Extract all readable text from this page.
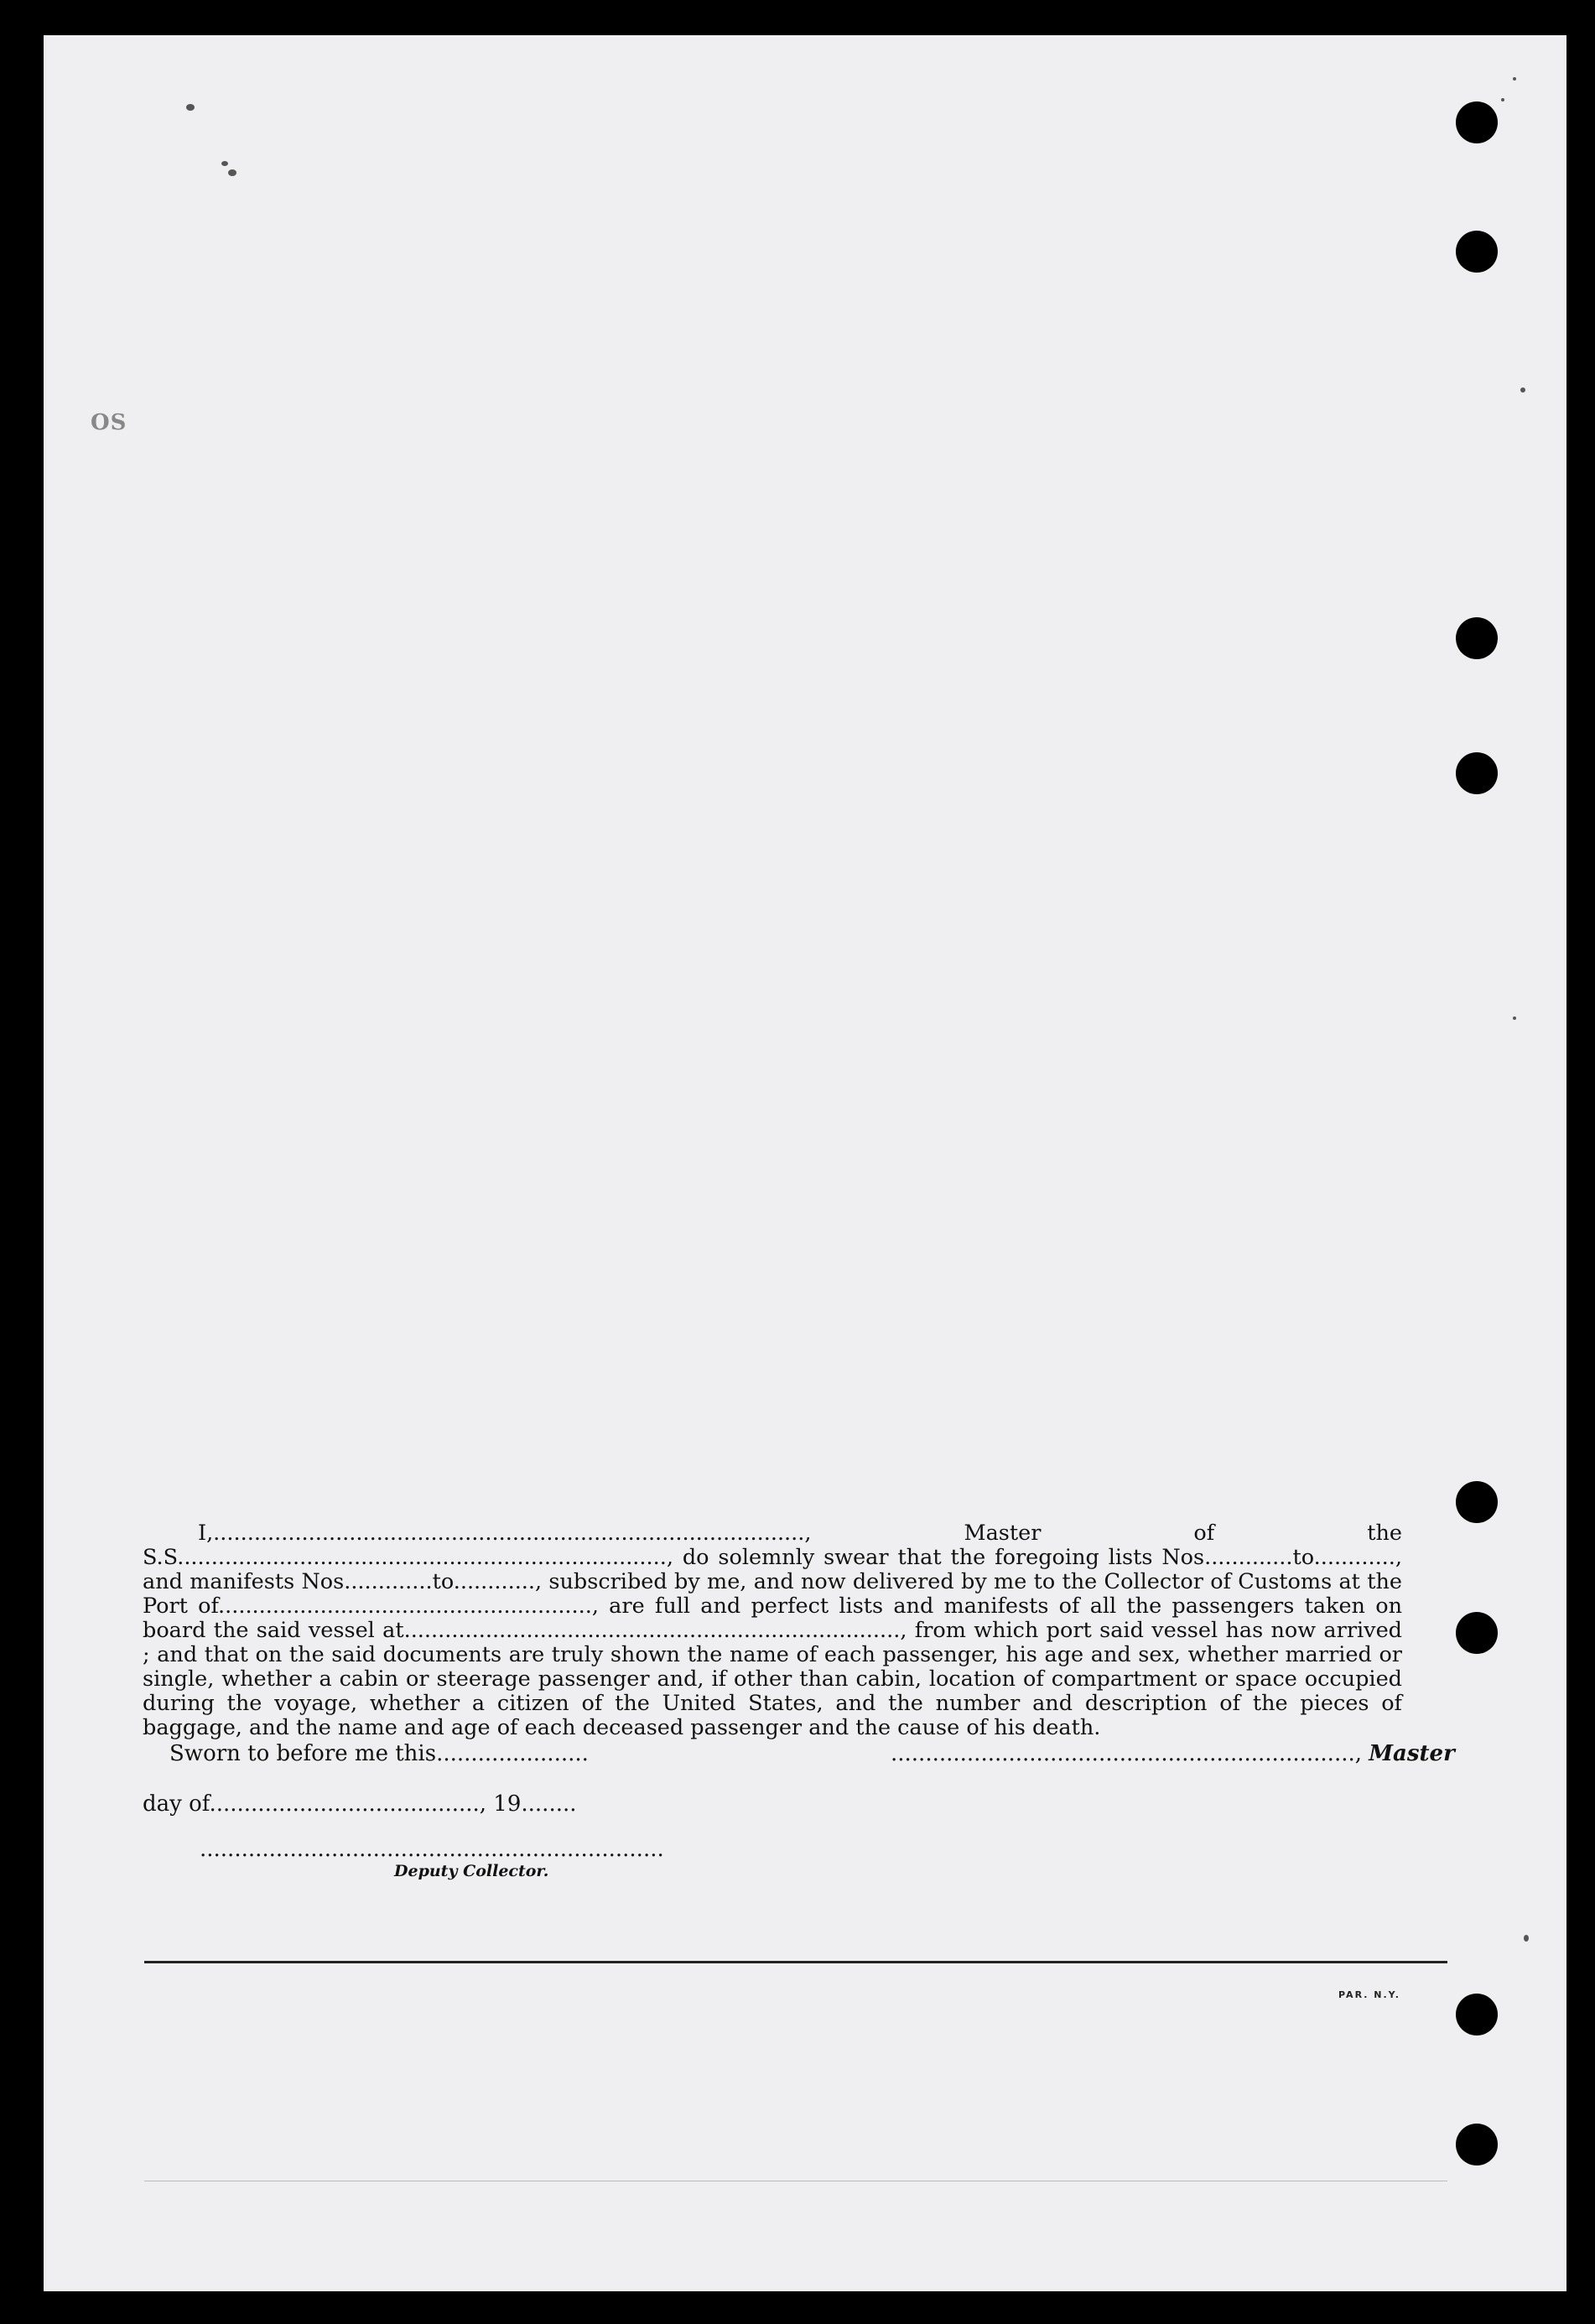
OS

I,......................................................................................., Master of the S.S........................................................................, do solemnly swear that the foregoing lists Nos.............to............, and manifests Nos.............to............, subscribed by me, and now delivered by me to the Collector of Customs at the Port of......................................................., are full and perfect lists and manifests of all the passengers taken on board the said vessel at........................................................................., from which port said vessel has now arrived ; and that on the said documents are truly shown the name of each passenger, his age and sex, whether married or single, whether a cabin or steerage passenger and, if other than cabin, location of compartment or space occupied during the voyage, whether a citizen of the United States, and the number and description of the pieces of baggage, and the name and age of each deceased passenger and the cause of his death.

Sworn to before me this......................
day of......................................., 19........
...................................................................
Deputy Collector.
..................................................................., Master
PAR. N.Y.
